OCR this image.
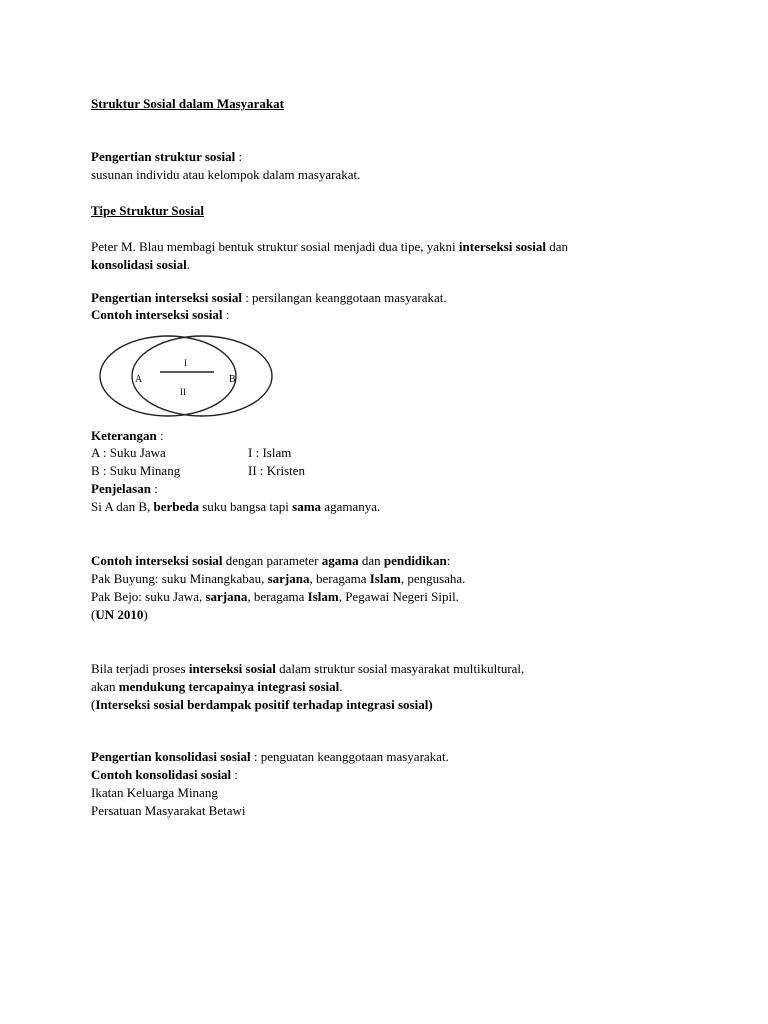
Struktur Sosial dalam Masyarakat
Pengertian struktur sosial :
susunan individu atau kelompok dalam masyarakat.
Tipe Struktur Sosial
Peter M. Blau membagi bentuk struktur sosial menjadi dua tipe, yakni interseksi sosial dan
konsolidasi sosial.
Pengertian interseksi sosial : persilangan keanggotaan masyarakat.
Contoh interseksi sosial :
A	B
I
II
Keterangan :
A : Suku Jawa	I : Islam
B : Suku Minang	II : Kristen
Penjelasan :
Si A dan B, berbeda suku bangsa tapi sama agamanya.
Contoh interseksi sosial dengan parameter agama dan pendidikan:
Pak Buyung: suku Minangkabau, sarjana, beragama Islam, pengusaha.
Pak Bejo: suku Jawa, sarjana, beragama Islam, Pegawai Negeri Sipil.
(UN 2010)
Bila terjadi proses interseksi sosial dalam struktur sosial masyarakat multikultural,
akan mendukung tercapainya integrasi sosial.
(Interseksi sosial berdampak positif terhadap integrasi sosial)
Pengertian konsolidasi sosial : penguatan keanggotaan masyarakat.
Contoh konsolidasi sosial :
Ikatan Keluarga Minang
Persatuan Masyarakat Betawi
